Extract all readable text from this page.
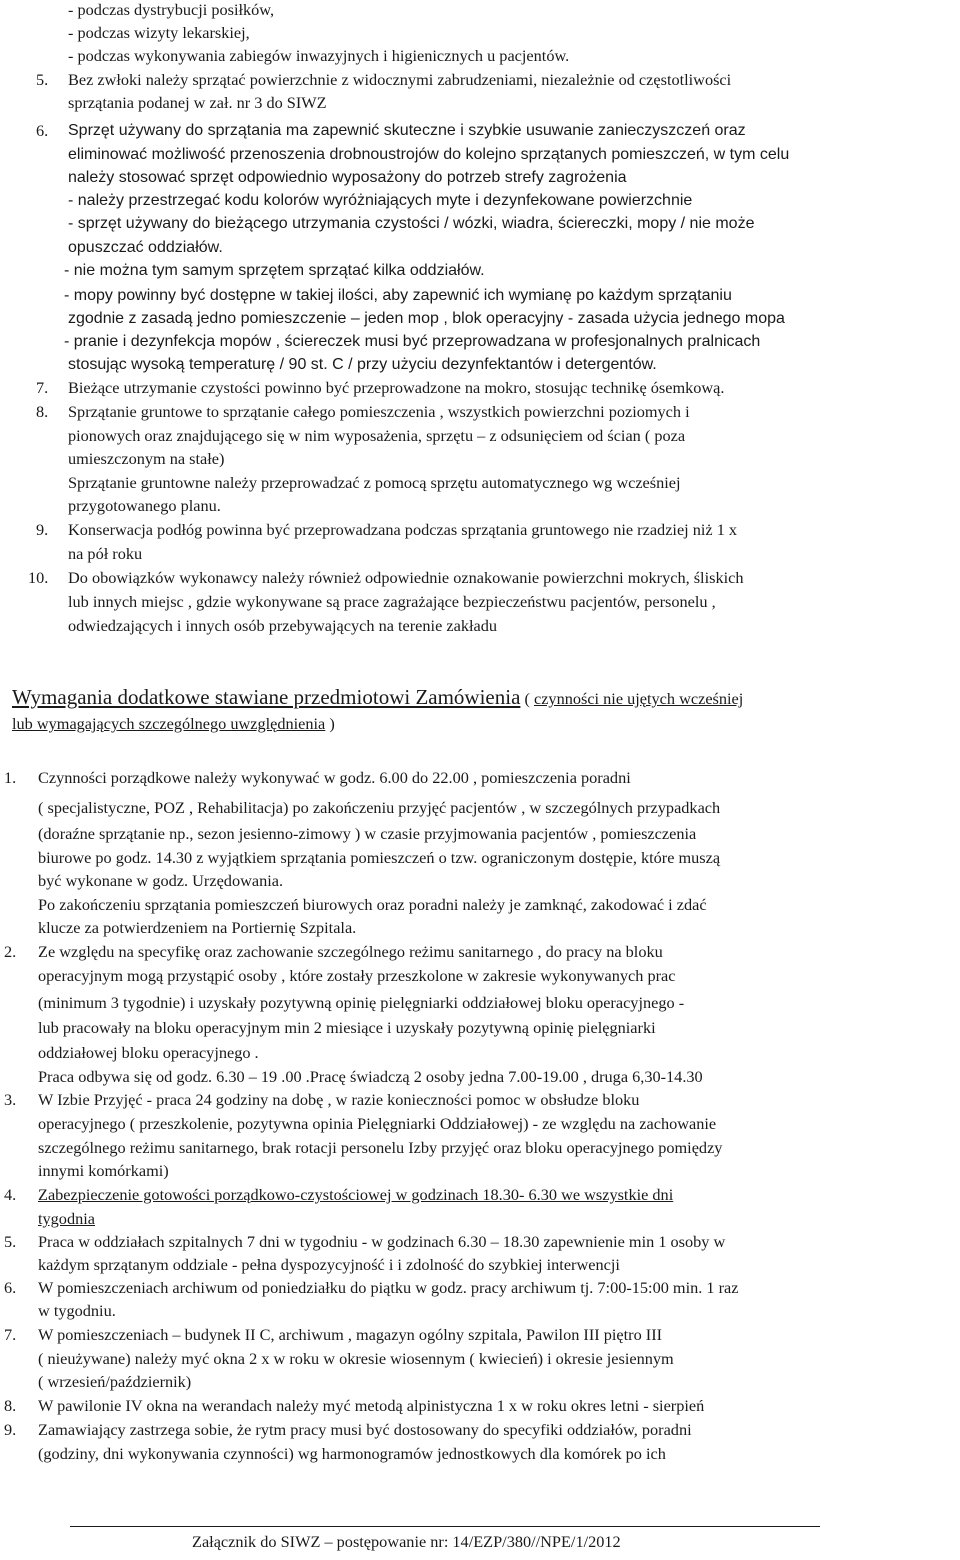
- podczas dystrybucji posiłków,
- podczas wizyty lekarskiej,
- podczas wykonywania zabiegów inwazyjnych i higienicznych u pacjentów.
5. Bez zwłoki należy sprzątać powierzchnie z widocznymi zabrudzeniami, niezależnie od częstotliwości
sprzątania podanej w zał. nr 3 do SIWZ
6. Sprzęt używany do sprzątania ma zapewnić skuteczne i szybkie usuwanie zanieczyszczeń oraz
eliminować możliwość przenoszenia drobnoustrojów do kolejno sprzątanych pomieszczeń, w tym celu
należy stosować sprzęt odpowiednio wyposażony do potrzeb strefy zagrożenia
- należy przestrzegać kodu kolorów wyróżniających myte i dezynfekowane powierzchnie
- sprzęt używany do bieżącego utrzymania czystości / wózki, wiadra, ściereczki, mopy / nie może
opuszczać oddziałów.
- nie można tym samym sprzętem sprzątać kilka oddziałów.
- mopy powinny być dostępne w takiej ilości, aby zapewnić ich wymianę po każdym sprzątaniu
zgodnie z zasadą jedno pomieszczenie – jeden mop , blok operacyjny - zasada użycia jednego mopa
- pranie i dezynfekcja mopów , ściereczek musi być przeprowadzana w profesjonalnych pralnicach
stosując wysoką temperaturę / 90 st. C / przy użyciu dezynfektantów i detergentów.
7. Bieżące utrzymanie czystości powinno być przeprowadzone na mokro, stosując technikę ósemkową.
8. Sprzątanie gruntowe to sprzątanie całego pomieszczenia , wszystkich powierzchni poziomych i
pionowych oraz znajdującego się w nim wyposażenia, sprzętu – z odsunięciem od ścian ( poza
umieszczonym na stałe)
Sprzątanie gruntowne należy przeprowadzać z pomocą sprzętu automatycznego wg wcześniej
przygotowanego planu.
9. Konserwacja podłóg powinna być przeprowadzana podczas sprzątania gruntowego nie rzadziej niż 1 x
na pół roku
10. Do obowiązków wykonawcy należy również odpowiednie oznakowanie powierzchni mokrych, śliskich
lub innych miejsc , gdzie wykonywane są prace zagrażające bezpieczeństwu pacjentów, personelu ,
odwiedzających i innych osób przebywających na terenie zakładu
Wymagania dodatkowe stawiane przedmiotowi Zamówienia ( czynności nie ujętych wcześniej
lub wymagających szczególnego uwzględnienia )
1. Czynności porządkowe należy wykonywać w godz. 6.00 do 22.00 , pomieszczenia poradni
( specjalistyczne, POZ , Rehabilitacja) po zakończeniu przyjęć pacjentów , w szczególnych przypadkach
(doraźne sprzątanie np., sezon jesienno-zimowy ) w czasie przyjmowania pacjentów , pomieszczenia
biurowe po godz. 14.30 z wyjątkiem sprzątania pomieszczeń o tzw. ograniczonym dostępie, które muszą
być wykonane w godz. Urzędowania.
Po zakończeniu sprzątania pomieszczeń biurowych oraz poradni należy je zamknąć, zakodować i zdać
klucze za potwierdzeniem na Portiernię Szpitala.
2. Ze względu na specyfikę oraz zachowanie szczególnego reżimu sanitarnego , do pracy na bloku
operacyjnym mogą przystąpić osoby , które zostały przeszkolone w zakresie wykonywanych prac
(minimum 3 tygodnie) i uzyskały pozytywną opinię pielęgniarki oddziałowej bloku operacyjnego -
lub pracowały na bloku operacyjnym min 2 miesiące i uzyskały pozytywną opinię pielęgniarki
oddziałowej bloku operacyjnego .
Praca odbywa się od godz. 6.30 – 19 .00 .Pracę świadczą 2 osoby jedna 7.00-19.00 , druga 6,30-14.30
3. W Izbie Przyjęć - praca 24 godziny na dobę , w razie konieczności pomoc w obsłudze bloku
operacyjnego ( przeszkolenie, pozytywna opinia Pielęgniarki Oddziałowej) - ze względu na zachowanie
szczególnego reżimu sanitarnego, brak rotacji personelu Izby przyjęć oraz bloku operacyjnego pomiędzy
innymi komórkami)
4. Zabezpieczenie gotowości porządkowo-czystościowej w godzinach 18.30- 6.30 we wszystkie dni
tygodnia
5. Praca w oddziałach szpitalnych 7 dni w tygodniu - w godzinach 6.30 – 18.30 zapewnienie min 1 osoby w
każdym sprzątanym oddziale - pełna dyspozycyjność i i zdolność do szybkiej interwencji
6. W pomieszczeniach archiwum od poniedziałku do piątku w godz. pracy archiwum tj. 7:00-15:00 min. 1 raz
w tygodniu.
7. W pomieszczeniach – budynek II C, archiwum , magazyn ogólny szpitala, Pawilon III piętro III
( nieużywane) należy myć okna 2 x w roku w okresie wiosennym ( kwiecień) i okresie jesiennym
( wrzesień/październik)
8. W pawilonie IV okna na werandach należy myć metodą alpinistyczna 1 x w roku okres letni - sierpień
9. Zamawiający zastrzega sobie, że rytm pracy musi być dostosowany do specyfiki oddziałów, poradni
(godziny, dni wykonywania czynności) wg harmonogramów jednostkowych dla komórek po ich
Załącznik do SIWZ – postępowanie nr: 14/EZP/380//NPE/1/2012
